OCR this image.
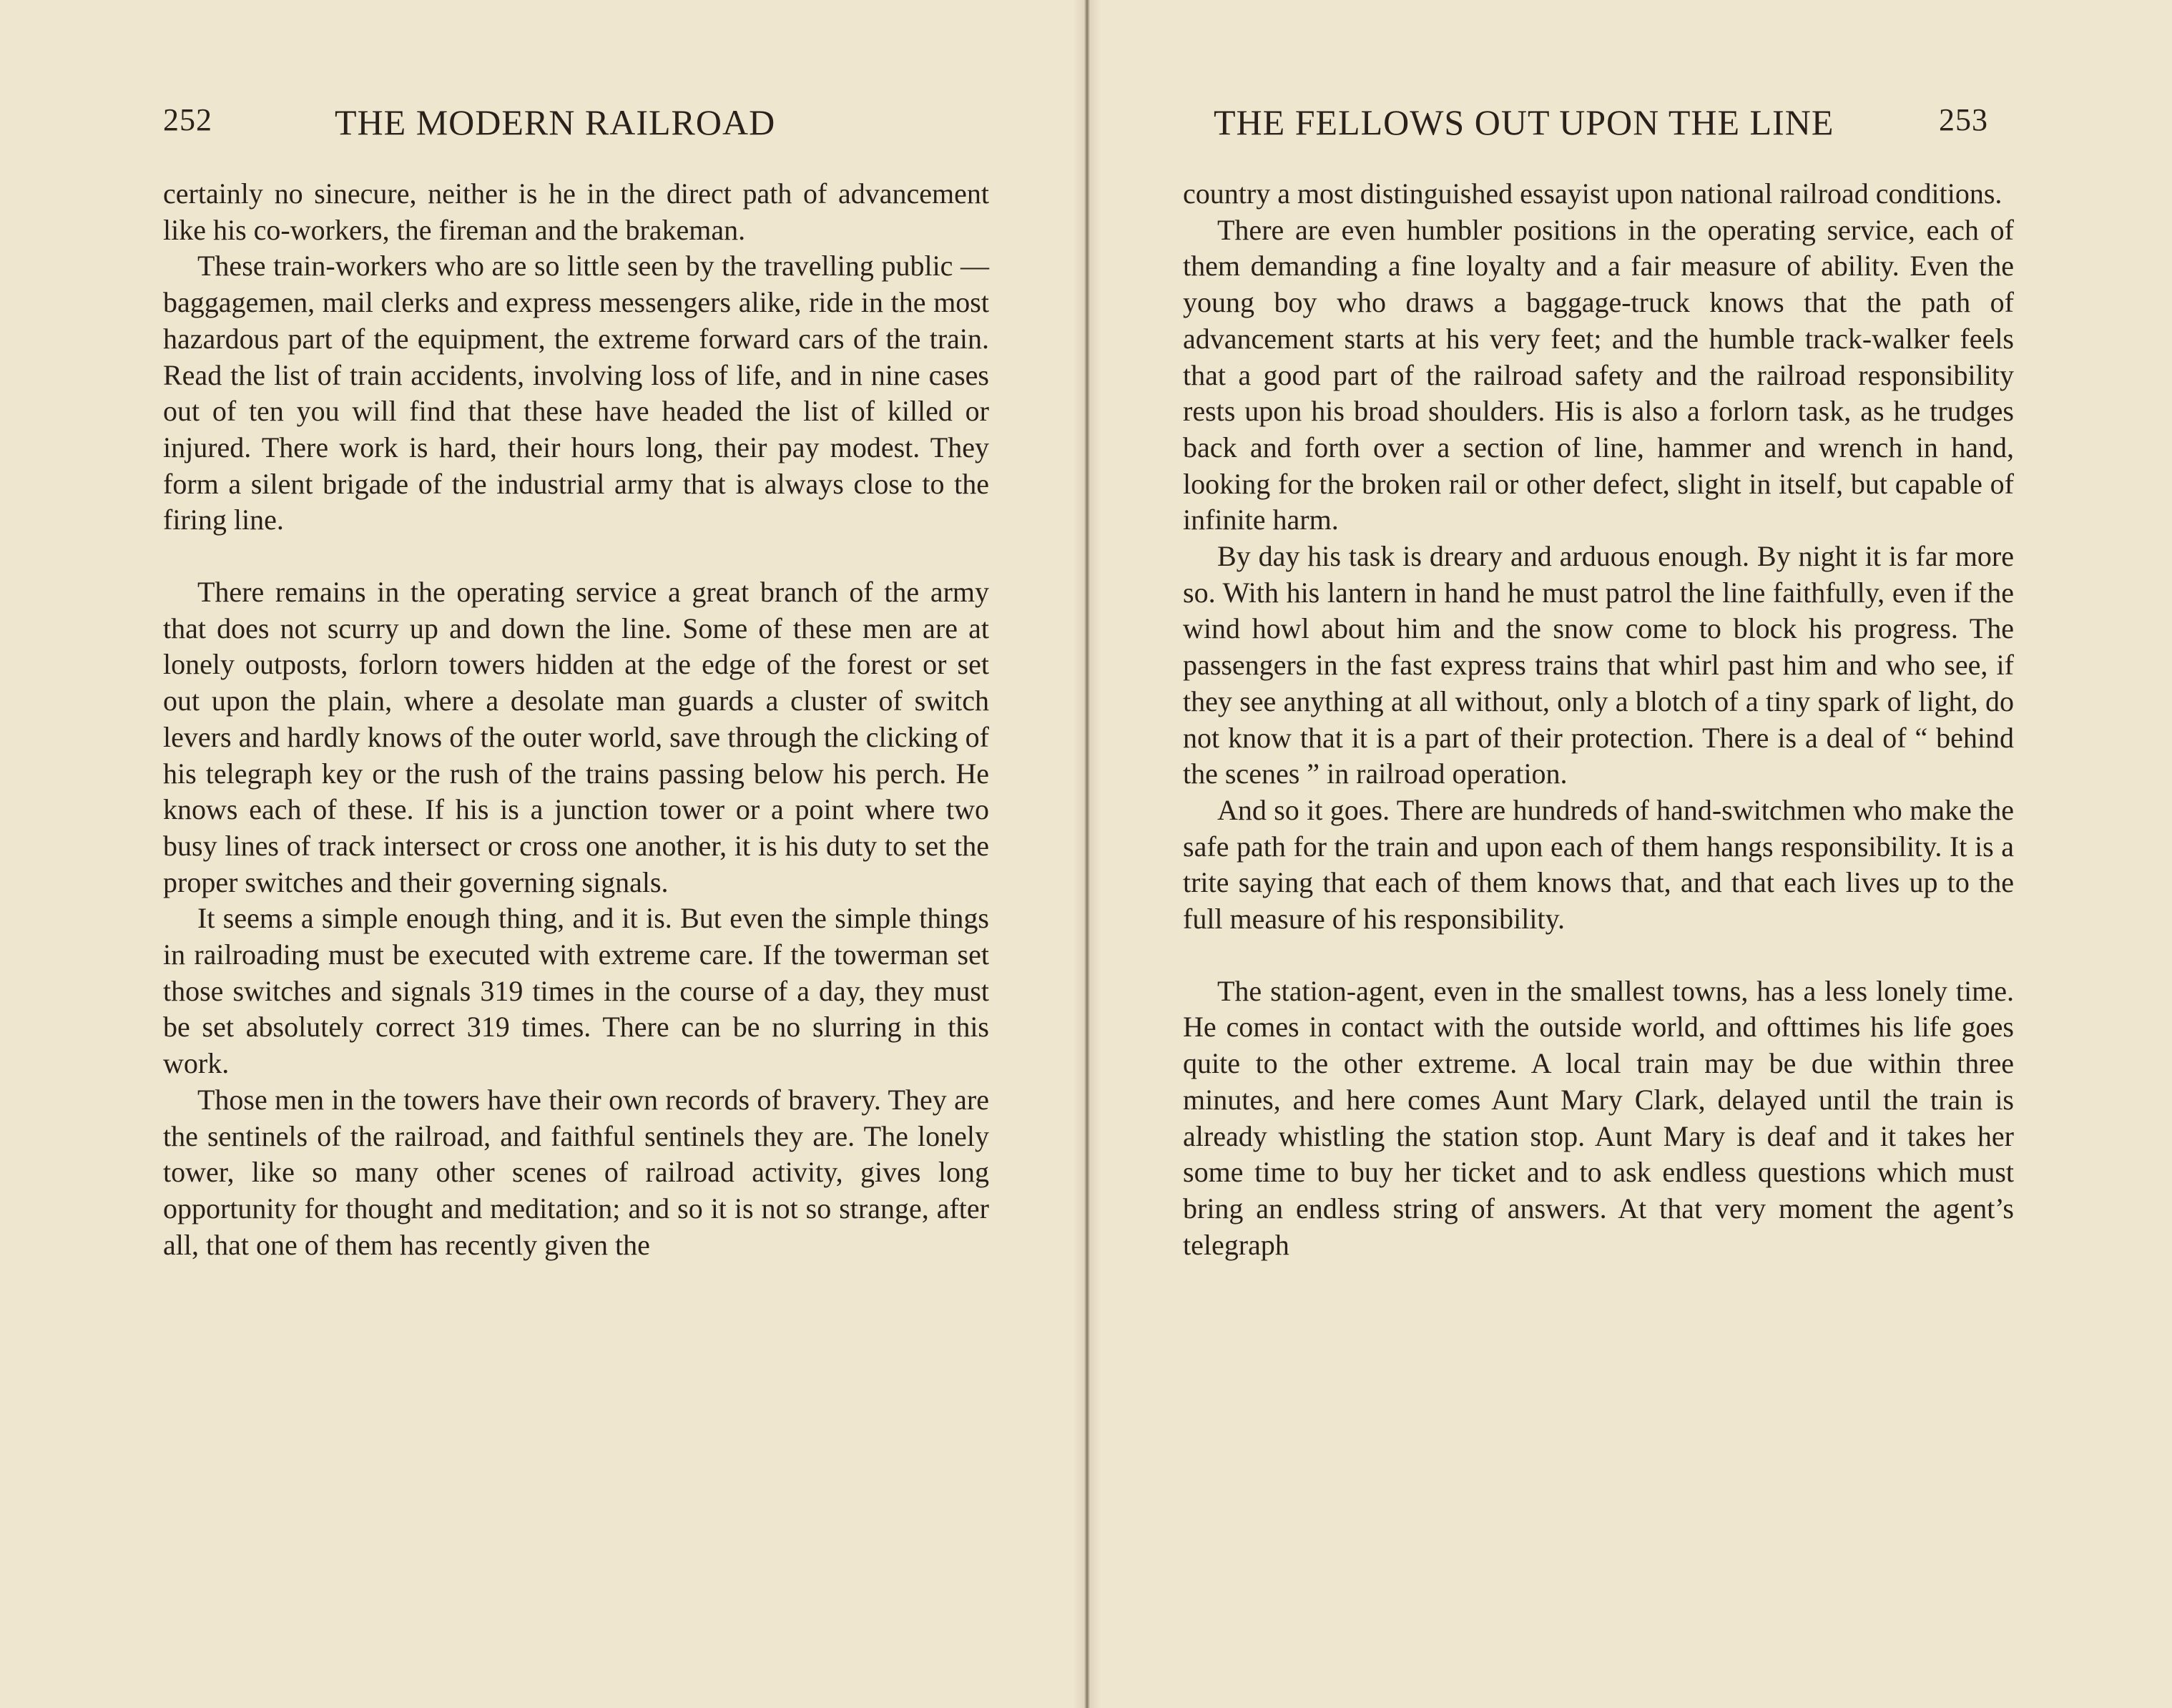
252	THE MODERN RAILROAD

certainly no sinecure, neither is he in the direct path of advancement like his co-workers, the fireman and the brakeman.

These train-workers who are so little seen by the travelling public — baggagemen, mail clerks and express messengers alike, ride in the most hazardous part of the equipment, the extreme forward cars of the train. Read the list of train accidents, involving loss of life, and in nine cases out of ten you will find that these have headed the list of killed or injured. There work is hard, their hours long, their pay modest. They form a silent brigade of the industrial army that is always close to the firing line.

There remains in the operating service a great branch of the army that does not scurry up and down the line. Some of these men are at lonely outposts, forlorn towers hidden at the edge of the forest or set out upon the plain, where a desolate man guards a cluster of switch levers and hardly knows of the outer world, save through the clicking of his telegraph key or the rush of the trains passing below his perch. He knows each of these. If his is a junction tower or a point where two busy lines of track intersect or cross one another, it is his duty to set the proper switches and their governing signals.

It seems a simple enough thing, and it is. But even the simple things in railroading must be executed with extreme care. If the towerman set those switches and signals 319 times in the course of a day, they must be set absolutely correct 319 times. There can be no slurring in this work.

Those men in the towers have their own records of bravery. They are the sentinels of the railroad, and faithful sentinels they are. The lonely tower, like so many other scenes of railroad activity, gives long opportunity for thought and meditation; and so it is not so strange, after all, that one of them has recently given the

THE FELLOWS OUT UPON THE LINE	253

country a most distinguished essayist upon national railroad conditions.

There are even humbler positions in the operating service, each of them demanding a fine loyalty and a fair measure of ability. Even the young boy who draws a baggage-truck knows that the path of advancement starts at his very feet; and the humble track-walker feels that a good part of the railroad safety and the railroad responsibility rests upon his broad shoulders. His is also a forlorn task, as he trudges back and forth over a section of line, hammer and wrench in hand, looking for the broken rail or other defect, slight in itself, but capable of infinite harm.

By day his task is dreary and arduous enough. By night it is far more so. With his lantern in hand he must patrol the line faithfully, even if the wind howl about him and the snow come to block his progress. The passengers in the fast express trains that whirl past him and who see, if they see anything at all without, only a blotch of a tiny spark of light, do not know that it is a part of their protection. There is a deal of “ behind the scenes ” in railroad operation.

And so it goes. There are hundreds of hand-switchmen who make the safe path for the train and upon each of them hangs responsibility. It is a trite saying that each of them knows that, and that each lives up to the full measure of his responsibility.

The station-agent, even in the smallest towns, has a less lonely time. He comes in contact with the outside world, and ofttimes his life goes quite to the other extreme. A local train may be due within three minutes, and here comes Aunt Mary Clark, delayed until the train is already whistling the station stop. Aunt Mary is deaf and it takes her some time to buy her ticket and to ask endless questions which must bring an endless string of answers. At that very moment the agent’s telegraph
